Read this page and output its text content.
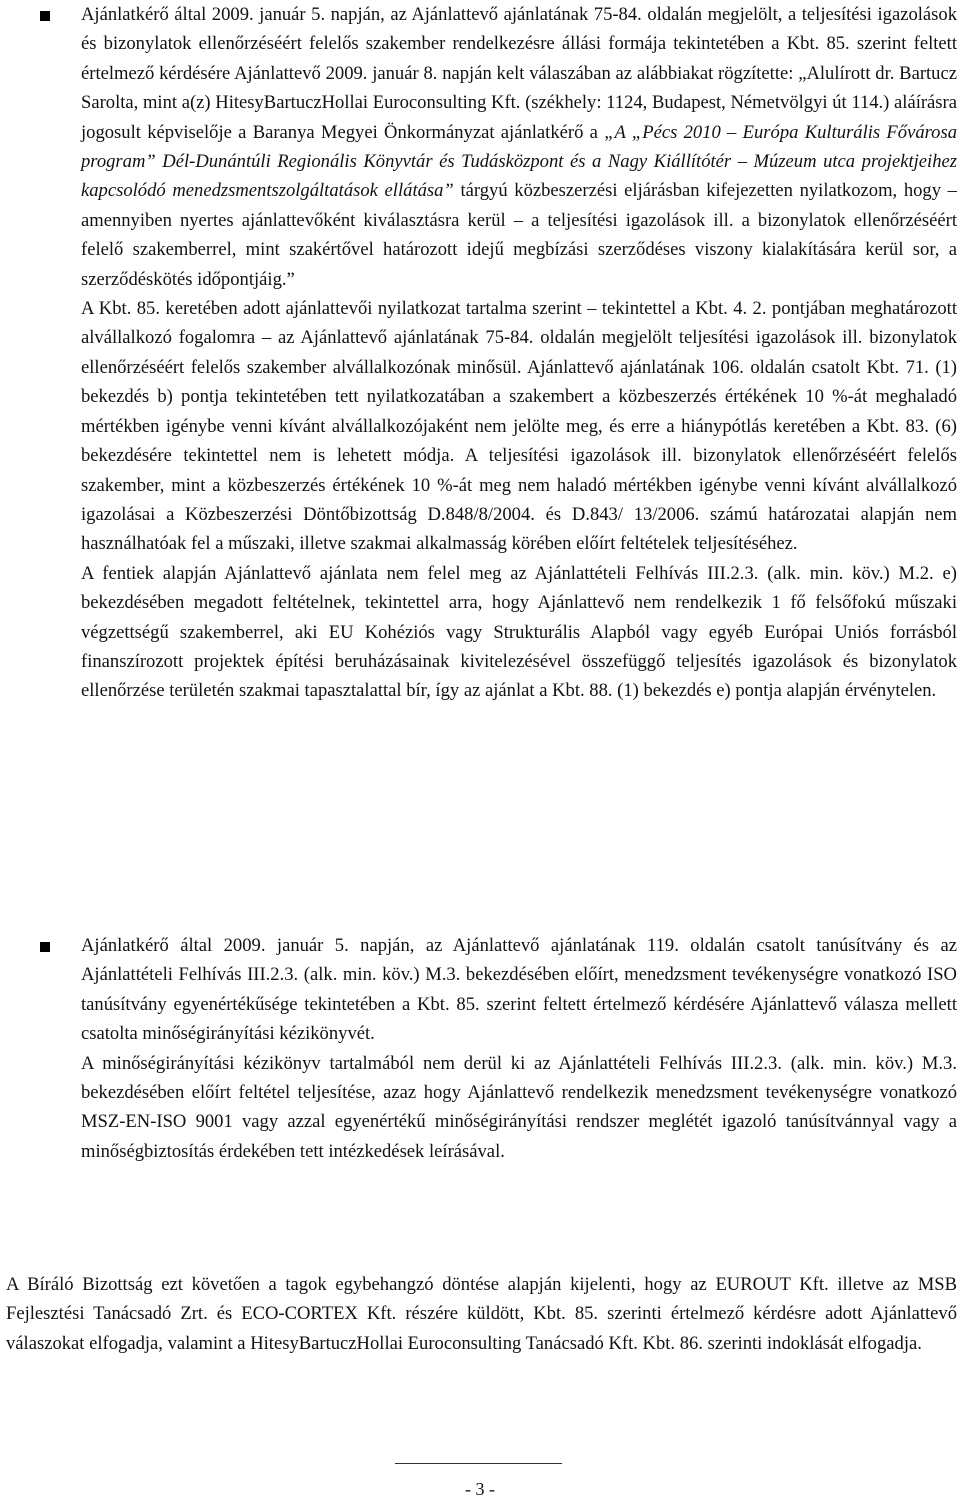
Ajánlatkérő által 2009. január 5. napján, az Ajánlattevő ajánlatának 75-84. oldalán megjelölt, a teljesítési igazolások és bizonylatok ellenőrzéséért felelős szakember rendelkezésre állási formája tekintetében a Kbt. 85. szerint feltett értelmező kérdésére Ajánlattevő 2009. január 8. napján kelt válaszában az alábbiakat rögzítette: „Alulírott dr. Bartucz Sarolta, mint a(z) HitesyBartuczHollai Euroconsulting Kft. (székhely: 1124, Budapest, Németvölgyi út 114.) aláírásra jogosult képviselője a Baranya Megyei Önkormányzat ajánlatkérő a „A „Pécs 2010 – Európa Kulturális Fővárosa program” Dél-Dunántúli Regionális Könyvtár és Tudásközpont és a Nagy Kiállítótér – Múzeum utca projektjeihez kapcsolódó menedzsmentszolgáltatások ellátása” tárgyú közbeszerzési eljárásban kifejezetten nyilatkozom, hogy – amennyiben nyertes ajánlattevőként kiválasztásra kerül – a teljesítési igazolások ill. a bizonylatok ellenőrzéséért felelő szakemberrel, mint szakértővel határozott idejű megbízási szerződéses viszony kialakítására kerül sor, a szerződéskötés időpontjáig.”

A Kbt. 85. keretében adott ajánlattevői nyilatkozat tartalma szerint – tekintettel a Kbt. 4. 2. pontjában meghatározott alvállalkozó fogalomra – az Ajánlattevő ajánlatának 75-84. oldalán megjelölt teljesítési igazolások ill. bizonylatok ellenőrzéséért felelős szakember alvállalkozónak minősül. Ajánlattevő ajánlatának 106. oldalán csatolt Kbt. 71. (1) bekezdés b) pontja tekintetében tett nyilatkozatában a szakembert a közbeszerzés értékének 10 %-át meghaladó mértékben igénybe venni kívánt alvállalkozójaként nem jelölte meg, és erre a hiánypótlás keretében a Kbt. 83. (6) bekezdésére tekintettel nem is lehetett módja. A teljesítési igazolások ill. bizonylatok ellenőrzéséért felelős szakember, mint a közbeszerzés értékének 10 %-át meg nem haladó mértékben igénybe venni kívánt alvállalkozó igazolásai a Közbeszerzési Döntőbizottság D.848/8/2004. és D.843/ 13/2006. számú határozatai alapján nem használhatóak fel a műszaki, illetve szakmai alkalmasság körében előírt feltételek teljesítéséhez.

A fentiek alapján Ajánlattevő ajánlata nem felel meg az Ajánlattételi Felhívás III.2.3. (alk. min. köv.) M.2. e) bekezdésében megadott feltételnek, tekintettel arra, hogy Ajánlattevő nem rendelkezik 1 fő felsőfokú műszaki végzettségű szakemberrel, aki EU Kohéziós vagy Strukturális Alapból vagy egyéb Európai Uniós forrásból finanszírozott projektek építési beruházásainak kivitelezésével összefüggő teljesítés igazolások és bizonylatok ellenőrzése területén szakmai tapasztalattal bír, így az ajánlat a Kbt. 88. (1) bekezdés e) pontja alapján érvénytelen.

Ajánlatkérő által 2009. január 5. napján, az Ajánlattevő ajánlatának 119. oldalán csatolt tanúsítvány és az Ajánlattételi Felhívás III.2.3. (alk. min. köv.) M.3. bekezdésében előírt, menedzsment tevékenységre vonatkozó ISO tanúsítvány egyenértékűsége tekintetében a Kbt. 85. szerint feltett értelmező kérdésére Ajánlattevő válasza mellett csatolta minőségirányítási kézikönyvét.

A minőségirányítási kézikönyv tartalmából nem derül ki az Ajánlattételi Felhívás III.2.3. (alk. min. köv.) M.3. bekezdésében előírt feltétel teljesítése, azaz hogy Ajánlattevő rendelkezik menedzsment tevékenységre vonatkozó MSZ-EN-ISO 9001 vagy azzal egyenértékű minőségirányítási rendszer meglétét igazoló tanúsítvánnyal vagy a minőségbiztosítás érdekében tett intézkedések leírásával.

A Bíráló Bizottság ezt követően a tagok egybehangzó döntése alapján kijelenti, hogy az EUROUT Kft. illetve az MSB Fejlesztési Tanácsadó Zrt. és ECO-CORTEX Kft. részére küldött, Kbt. 85. szerinti értelmező kérdésre adott Ajánlattevő válaszokat elfogadja, valamint a HitesyBartuczHollai Euroconsulting Tanácsadó Kft. Kbt. 86. szerinti indoklását elfogadja.

- 3 -
